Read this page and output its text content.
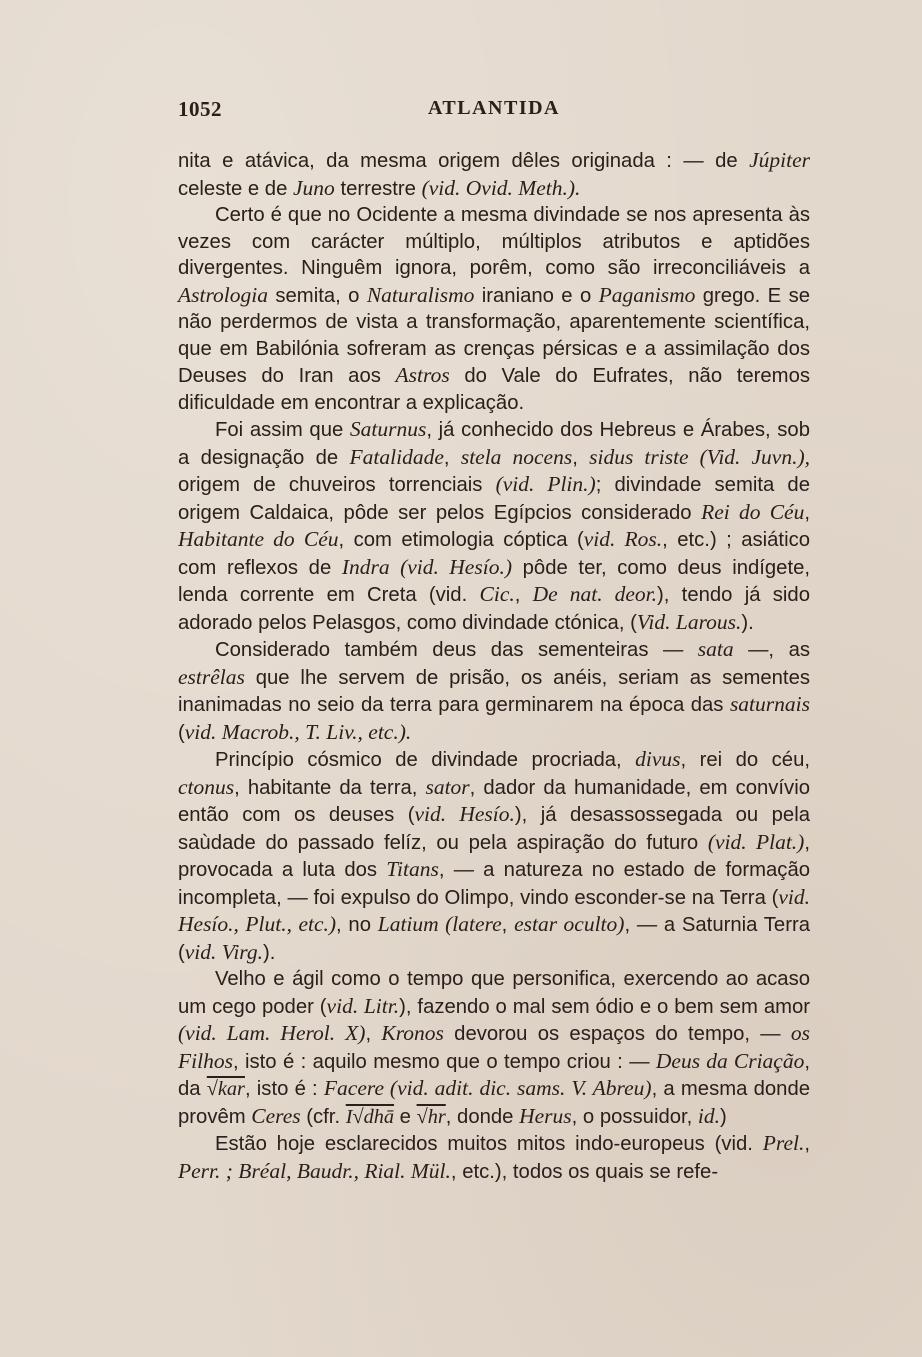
1052	ATLANTIDA

nita e atávica, da mesma origem dêles originada : — de Júpiter celeste e de Juno terrestre (vid. Ovid. Meth.).

Certo é que no Ocidente a mesma divindade se nos apresenta às vezes com carácter múltiplo, múltiplos atributos e aptidões divergentes. Ninguêm ignora, porêm, como são irreconciliáveis a Astrologia semita, o Naturalismo iraniano e o Paganismo grego. E se não perdermos de vista a transformação, aparentemente scientífica, que em Babilónia sofreram as crenças pérsicas e a assimilação dos Deuses do Iran aos Astros do Vale do Eufrates, não teremos dificuldade em encontrar a explicação.

Foi assim que Saturnus, já conhecido dos Hebreus e Árabes, sob a designação de Fatalidade, stela nocens, sidus triste (Vid. Juvn.), origem de chuveiros torrenciais (vid. Plin.); divindade semita de origem Caldaica, pôde ser pelos Egípcios considerado Rei do Céu, Habitante do Céu, com etimologia cóptica (vid. Ros., etc.) ; asiático com reflexos de Indra (vid. Hesío.) pôde ter, como deus indígete, lenda corrente em Creta (vid. Cic., De nat. deor.), tendo já sido adorado pelos Pelasgos, como divindade ctónica, (Vid. Larous.).

Considerado também deus das sementeiras — sata —, as estrêlas que lhe servem de prisão, os anéis, seriam as sementes inanimadas no seio da terra para germinarem na época das saturnais (vid. Macrob., T. Liv., etc.).

Princípio cósmico de divindade procriada, divus, rei do céu, ctonus, habitante da terra, sator, dador da humanidade, em convívio então com os deuses (vid. Hesío.), já desassossegada ou pela saùdade do passado felíz, ou pela aspiração do futuro (vid. Plat.), provocada a luta dos Titans, — a natureza no estado de formação incompleta, — foi expulso do Olimpo, vindo esconder-se na Terra (vid. Hesío., Plut., etc.), no Latium (latere, estar oculto), — a Saturnia Terra (vid. Virg.).

Velho e ágil como o tempo que personifica, exercendo ao acaso um cego poder (vid. Litr.), fazendo o mal sem ódio e o bem sem amor (vid. Lam. Herol. X), Kronos devorou os espaços do tempo, — os Filhos, isto é : aquilo mesmo que o tempo criou : — Deus da Criação, da √kar, isto é : Facere (vid. adit. dic. sams. V. Abreu), a mesma donde provêm Ceres (cfr. I√dhā e √hr, donde Herus, o possuidor, id.)

Estão hoje esclarecidos muitos mitos indo-europeus (vid. Prel., Perr. ; Bréal, Baudr., Rial. Mül., etc.), todos os quais se refe-
